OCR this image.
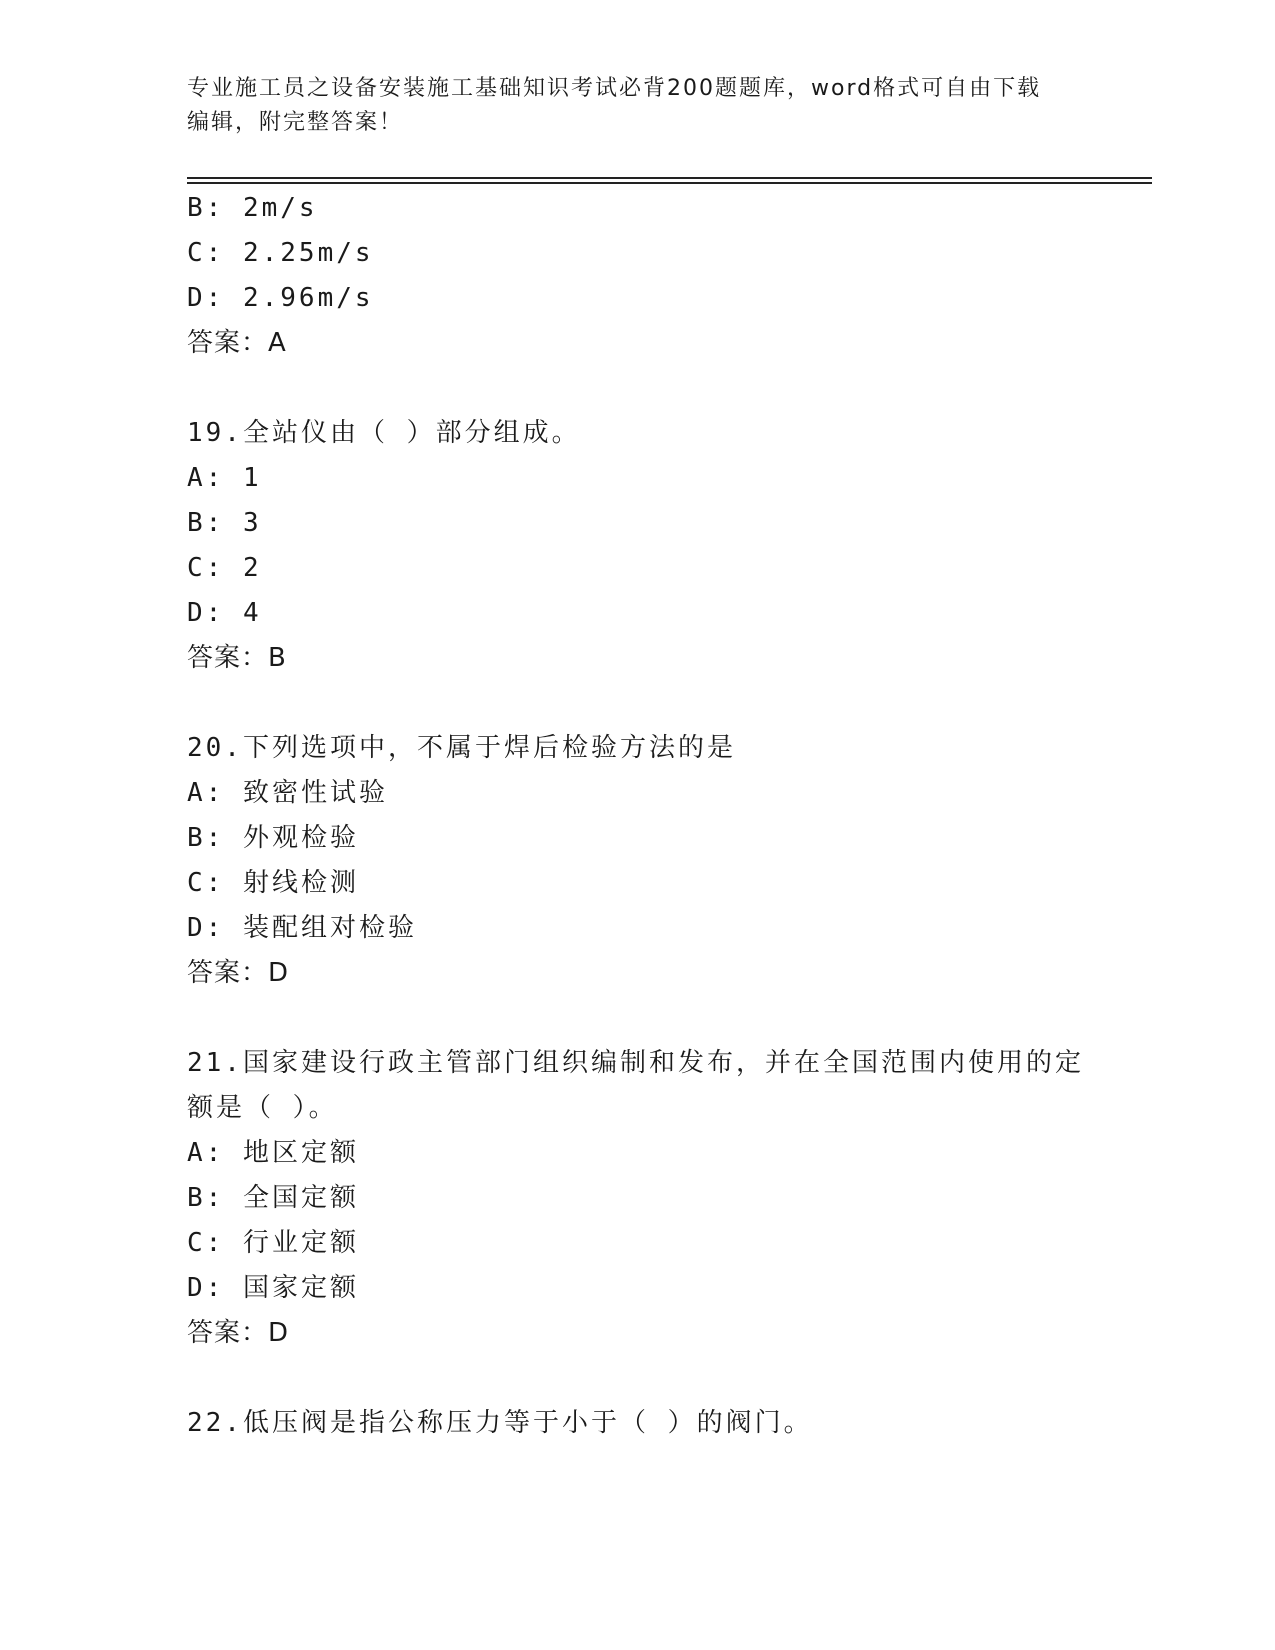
专业施工员之设备安装施工基础知识考试必背200题题库，word格式可自由下载
编辑，附完整答案！
B: 2m/s
C: 2.25m/s
D: 2.96m/s
答案：A
19.全站仪由（ ）部分组成。
A: 1
B: 3
C: 2
D: 4
答案：B
20.下列选项中，不属于焊后检验方法的是
A: 致密性试验
B: 外观检验
C: 射线检测
D: 装配组对检验
答案：D
21.国家建设行政主管部门组织编制和发布，并在全国范围内使用的定
额是（ ）。
A: 地区定额
B: 全国定额
C: 行业定额
D: 国家定额
答案：D
22.低压阀是指公称压力等于小于（ ）的阀门。
